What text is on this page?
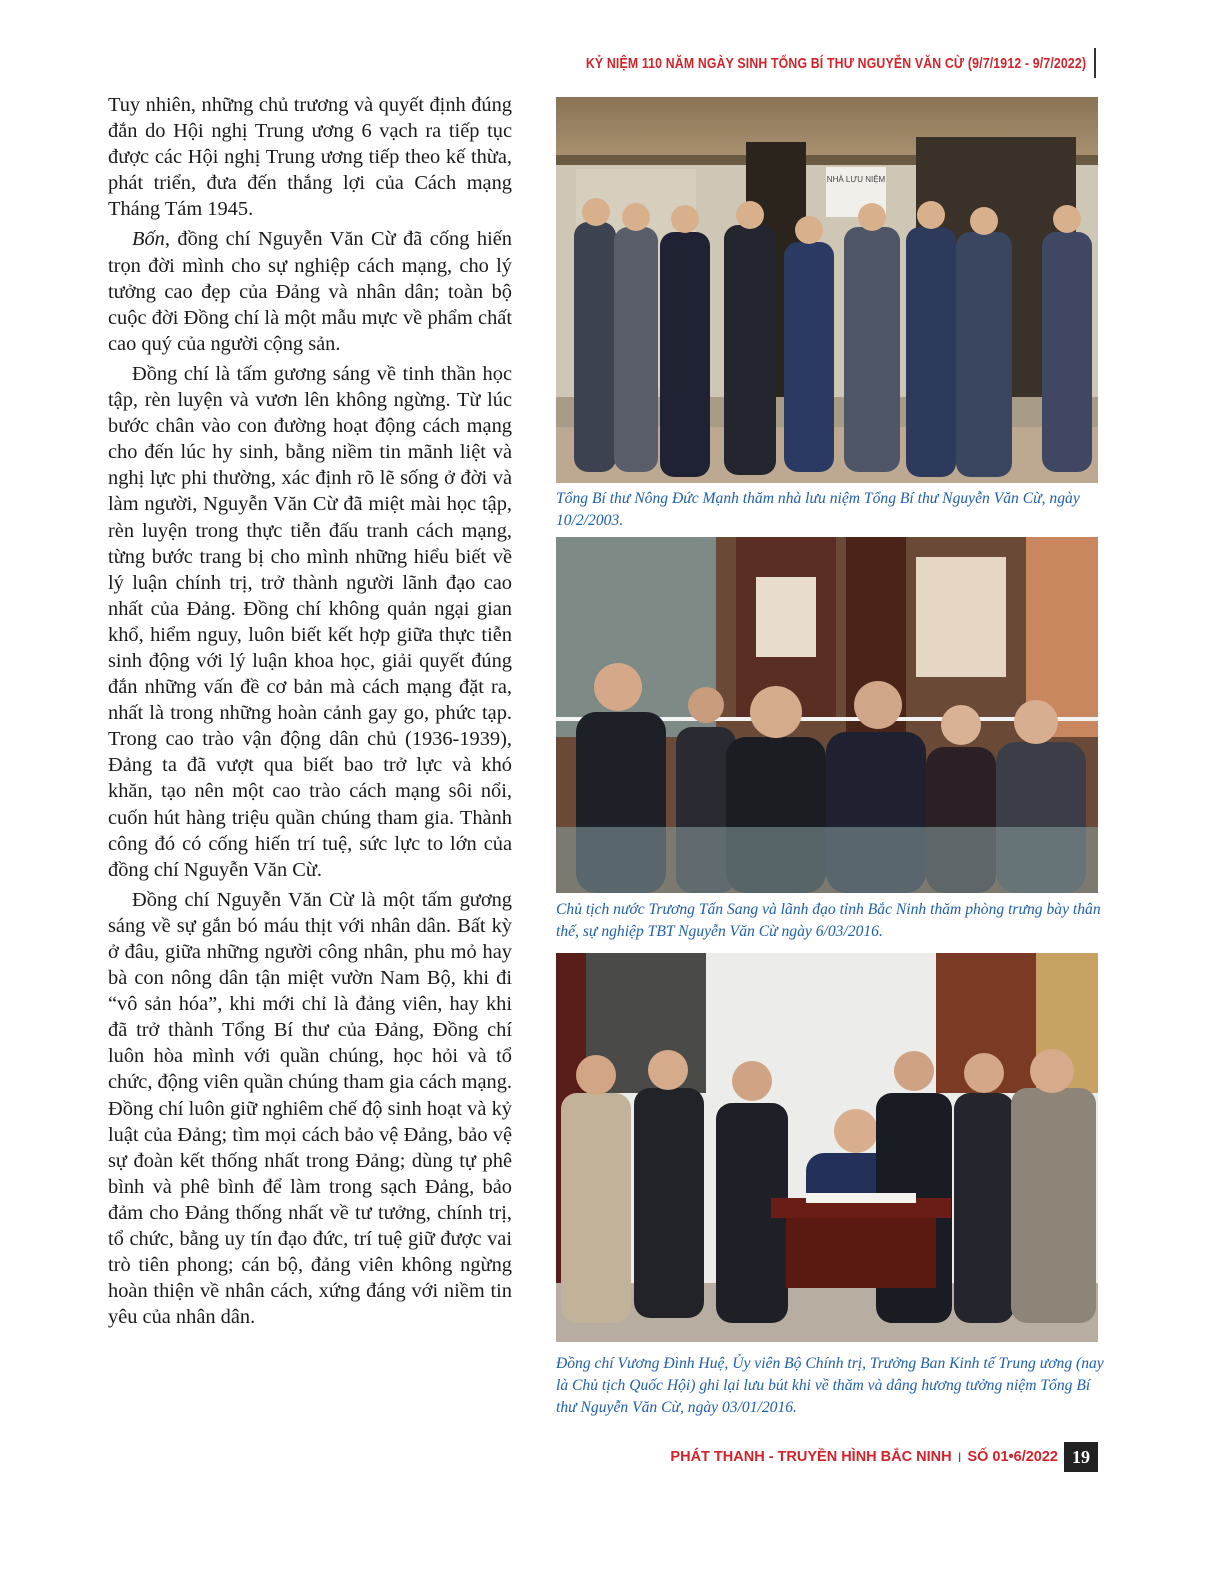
KỶ NIỆM 110 NĂM NGÀY SINH TỔNG BÍ THƯ NGUYỄN VĂN CỪ (9/7/1912 - 9/7/2022)

Tuy nhiên, những chủ trương và quyết định đúng đắn do Hội nghị Trung ương 6 vạch ra tiếp tục được các Hội nghị Trung ương tiếp theo kế thừa, phát triển, đưa đến thắng lợi của Cách mạng Tháng Tám 1945.

Bốn, đồng chí Nguyễn Văn Cừ đã cống hiến trọn đời mình cho sự nghiệp cách mạng, cho lý tưởng cao đẹp của Đảng và nhân dân; toàn bộ cuộc đời Đồng chí là một mẫu mực về phẩm chất cao quý của người cộng sản.

Đồng chí là tấm gương sáng về tinh thần học tập, rèn luyện và vươn lên không ngừng. Từ lúc bước chân vào con đường hoạt động cách mạng cho đến lúc hy sinh, bằng niềm tin mãnh liệt và nghị lực phi thường, xác định rõ lẽ sống ở đời và làm người, Nguyễn Văn Cừ đã miệt mài học tập, rèn luyện trong thực tiễn đấu tranh cách mạng, từng bước trang bị cho mình những hiểu biết về lý luận chính trị, trở thành người lãnh đạo cao nhất của Đảng. Đồng chí không quản ngại gian khổ, hiểm nguy, luôn biết kết hợp giữa thực tiễn sinh động với lý luận khoa học, giải quyết đúng đắn những vấn đề cơ bản mà cách mạng đặt ra, nhất là trong những hoàn cảnh gay go, phức tạp. Trong cao trào vận động dân chủ (1936-1939), Đảng ta đã vượt qua biết bao trở lực và khó khăn, tạo nên một cao trào cách mạng sôi nổi, cuốn hút hàng triệu quần chúng tham gia. Thành công đó có cống hiến trí tuệ, sức lực to lớn của đồng chí Nguyễn Văn Cừ.

Đồng chí Nguyễn Văn Cừ là một tấm gương sáng về sự gắn bó máu thịt với nhân dân. Bất kỳ ở đâu, giữa những người công nhân, phu mỏ hay bà con nông dân tận miệt vườn Nam Bộ, khi đi “vô sản hóa”, khi mới chỉ là đảng viên, hay khi đã trở thành Tổng Bí thư của Đảng, Đồng chí luôn hòa mình với quần chúng, học hỏi và tổ chức, động viên quần chúng tham gia cách mạng. Đồng chí luôn giữ nghiêm chế độ sinh hoạt và kỷ luật của Đảng; tìm mọi cách bảo vệ Đảng, bảo vệ sự đoàn kết thống nhất trong Đảng; dùng tự phê bình và phê bình để làm trong sạch Đảng, bảo đảm cho Đảng thống nhất về tư tưởng, chính trị, tổ chức, bằng uy tín đạo đức, trí tuệ giữ được vai trò tiên phong; cán bộ, đảng viên không ngừng hoàn thiện về nhân cách, xứng đáng với niềm tin yêu của nhân dân.

NHÀ LƯU NIỆM
Tổng Bí thư Nông Đức Mạnh thăm nhà lưu niệm Tổng Bí thư Nguyễn Văn Cừ, ngày 10/2/2003.
Chủ tịch nước Trương Tấn Sang và lãnh đạo tỉnh Bắc Ninh thăm phòng trưng bày thân thế, sự nghiệp TBT Nguyễn Văn Cừ ngày 6/03/2016.
Đồng chí Vương Đình Huệ, Ủy viên Bộ Chính trị, Trưởng Ban Kinh tế Trung ương (nay là Chủ tịch Quốc Hội) ghi lại lưu bút khi về thăm và dâng hương tưởng niệm Tổng Bí thư Nguyễn Văn Cừ, ngày 03/01/2016.
PHÁT THANH - TRUYỀN HÌNH BẮC NINH I SỐ 01•6/2022 19
